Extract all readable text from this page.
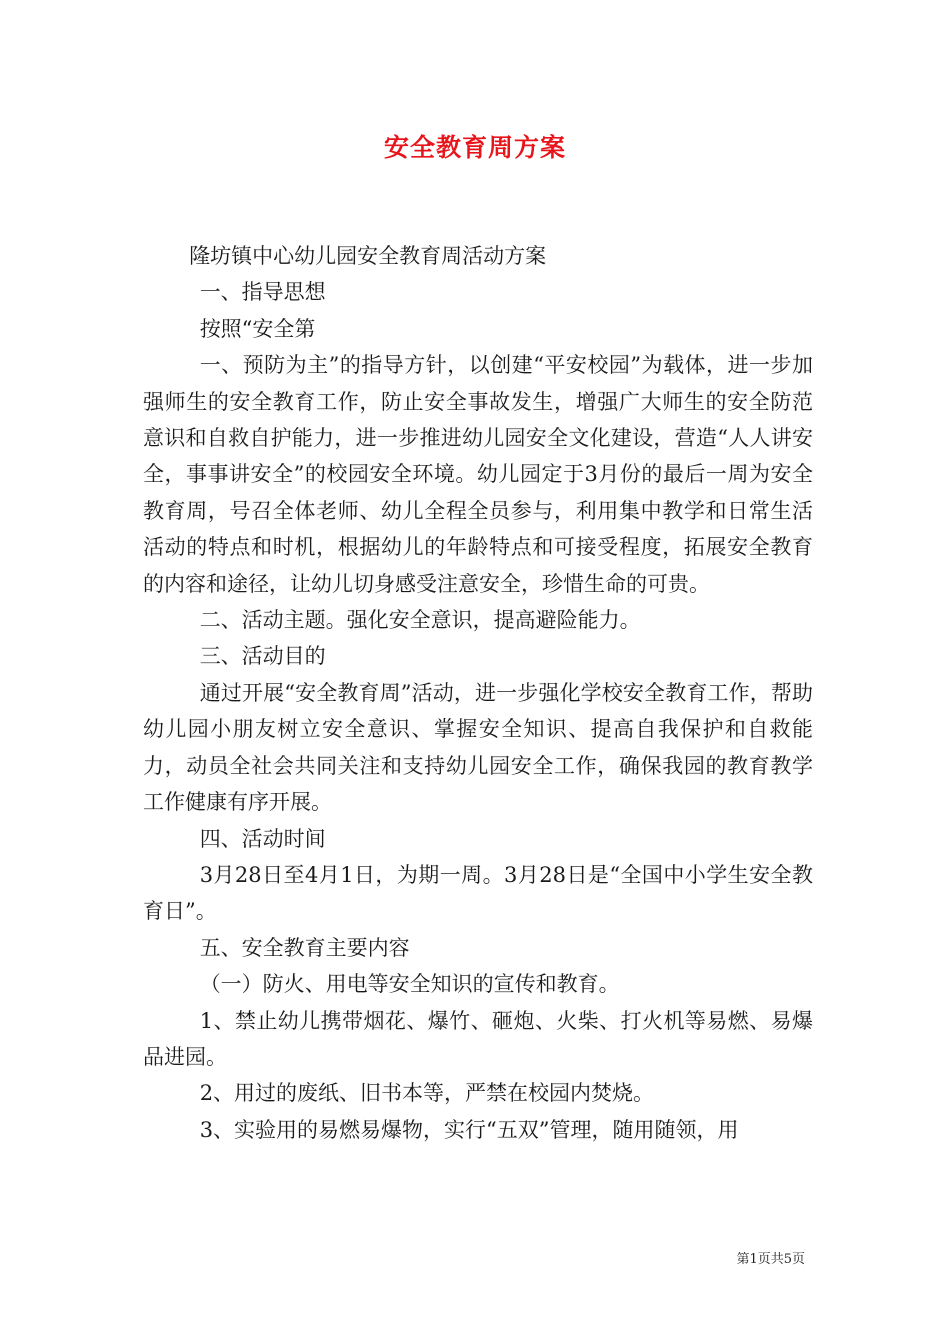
安全教育周方案

隆坊镇中心幼儿园安全教育周活动方案

一、指导思想

按照“安全第

一、预防为主”的指导方针，以创建“平安校园”为载体，进一步加强师生的安全教育工作，防止安全事故发生，增强广大师生的安全防范意识和自救自护能力，进一步推进幼儿园安全文化建设，营造“人人讲安全，事事讲安全”的校园安全环境。幼儿园定于3月份的最后一周为安全教育周，号召全体老师、幼儿全程全员参与，利用集中教学和日常生活活动的特点和时机，根据幼儿的年龄特点和可接受程度，拓展安全教育的内容和途径，让幼儿切身感受注意安全，珍惜生命的可贵。

二、活动主题。强化安全意识，提高避险能力。

三、活动目的

通过开展“安全教育周”活动，进一步强化学校安全教育工作，帮助幼儿园小朋友树立安全意识、掌握安全知识、提高自我保护和自救能力，动员全社会共同关注和支持幼儿园安全工作，确保我园的教育教学工作健康有序开展。

四、活动时间

3月28日至4月1日，为期一周。3月28日是“全国中小学生安全教育日”。

五、安全教育主要内容

（一）防火、用电等安全知识的宣传和教育。

1、禁止幼儿携带烟花、爆竹、砸炮、火柴、打火机等易燃、易爆品进园。

2、用过的废纸、旧书本等，严禁在校园内焚烧。

3、实验用的易燃易爆物，实行“五双”管理，随用随领，用

第1页共5页
